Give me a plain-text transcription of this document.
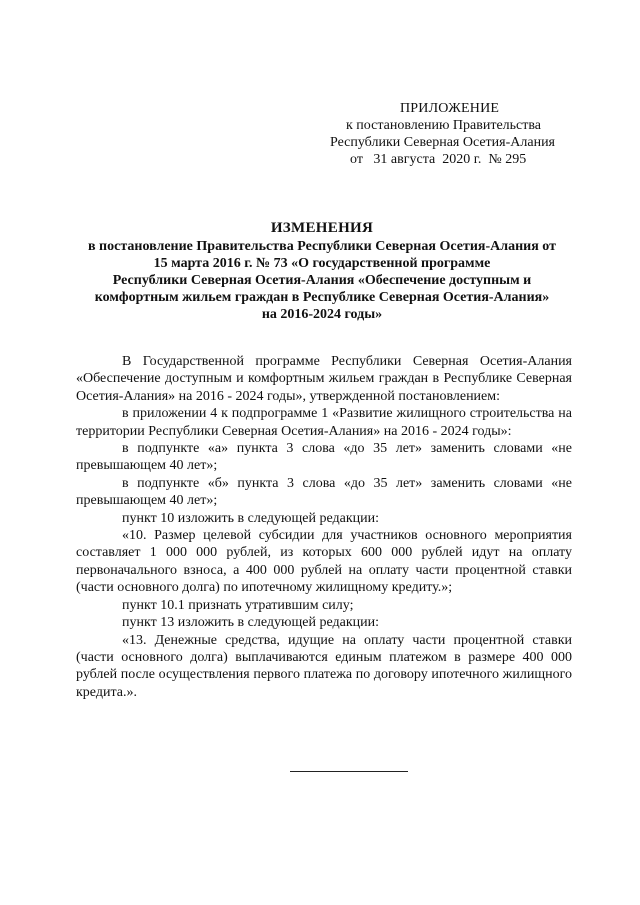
ПРИЛОЖЕНИЕ
к постановлению Правительства
Республики Северная Осетия-Алания
от   31 августа  2020 г.  № 295
ИЗМЕНЕНИЯ
в постановление Правительства Республики Северная Осетия-Алания от
15 марта 2016 г. № 73 «О государственной программе
Республики Северная Осетия-Алания «Обеспечение доступным и
комфортным жильем граждан в Республике Северная Осетия-Алания»
на 2016-2024 годы»

В Государственной программе Республики Северная Осетия-Алания «Обеспечение доступным и комфортным жильем граждан в Республике Северная Осетия-Алания» на 2016 - 2024 годы», утвержденной постановлением:

в приложении 4 к подпрограмме 1 «Развитие жилищного строительства на территории Республики Северная Осетия-Алания» на 2016 - 2024 годы»:

в подпункте «а» пункта 3 слова «до 35 лет» заменить словами «не превышающем 40 лет»;

в подпункте «б» пункта 3 слова «до 35 лет» заменить словами «не превышающем 40 лет»;

пункт 10 изложить в следующей редакции:

«10. Размер целевой субсидии для участников основного мероприятия составляет 1 000 000 рублей, из которых 600 000 рублей идут на оплату первоначального взноса, а 400 000 рублей на оплату части процентной ставки (части основного долга) по ипотечному жилищному кредиту.»;

пункт 10.1 признать утратившим силу;

пункт 13 изложить в следующей редакции:

«13. Денежные средства, идущие на оплату части процентной ставки (части основного долга) выплачиваются единым платежом в размере 400 000 рублей после осуществления первого платежа по договору ипотечного жилищного кредита.».
